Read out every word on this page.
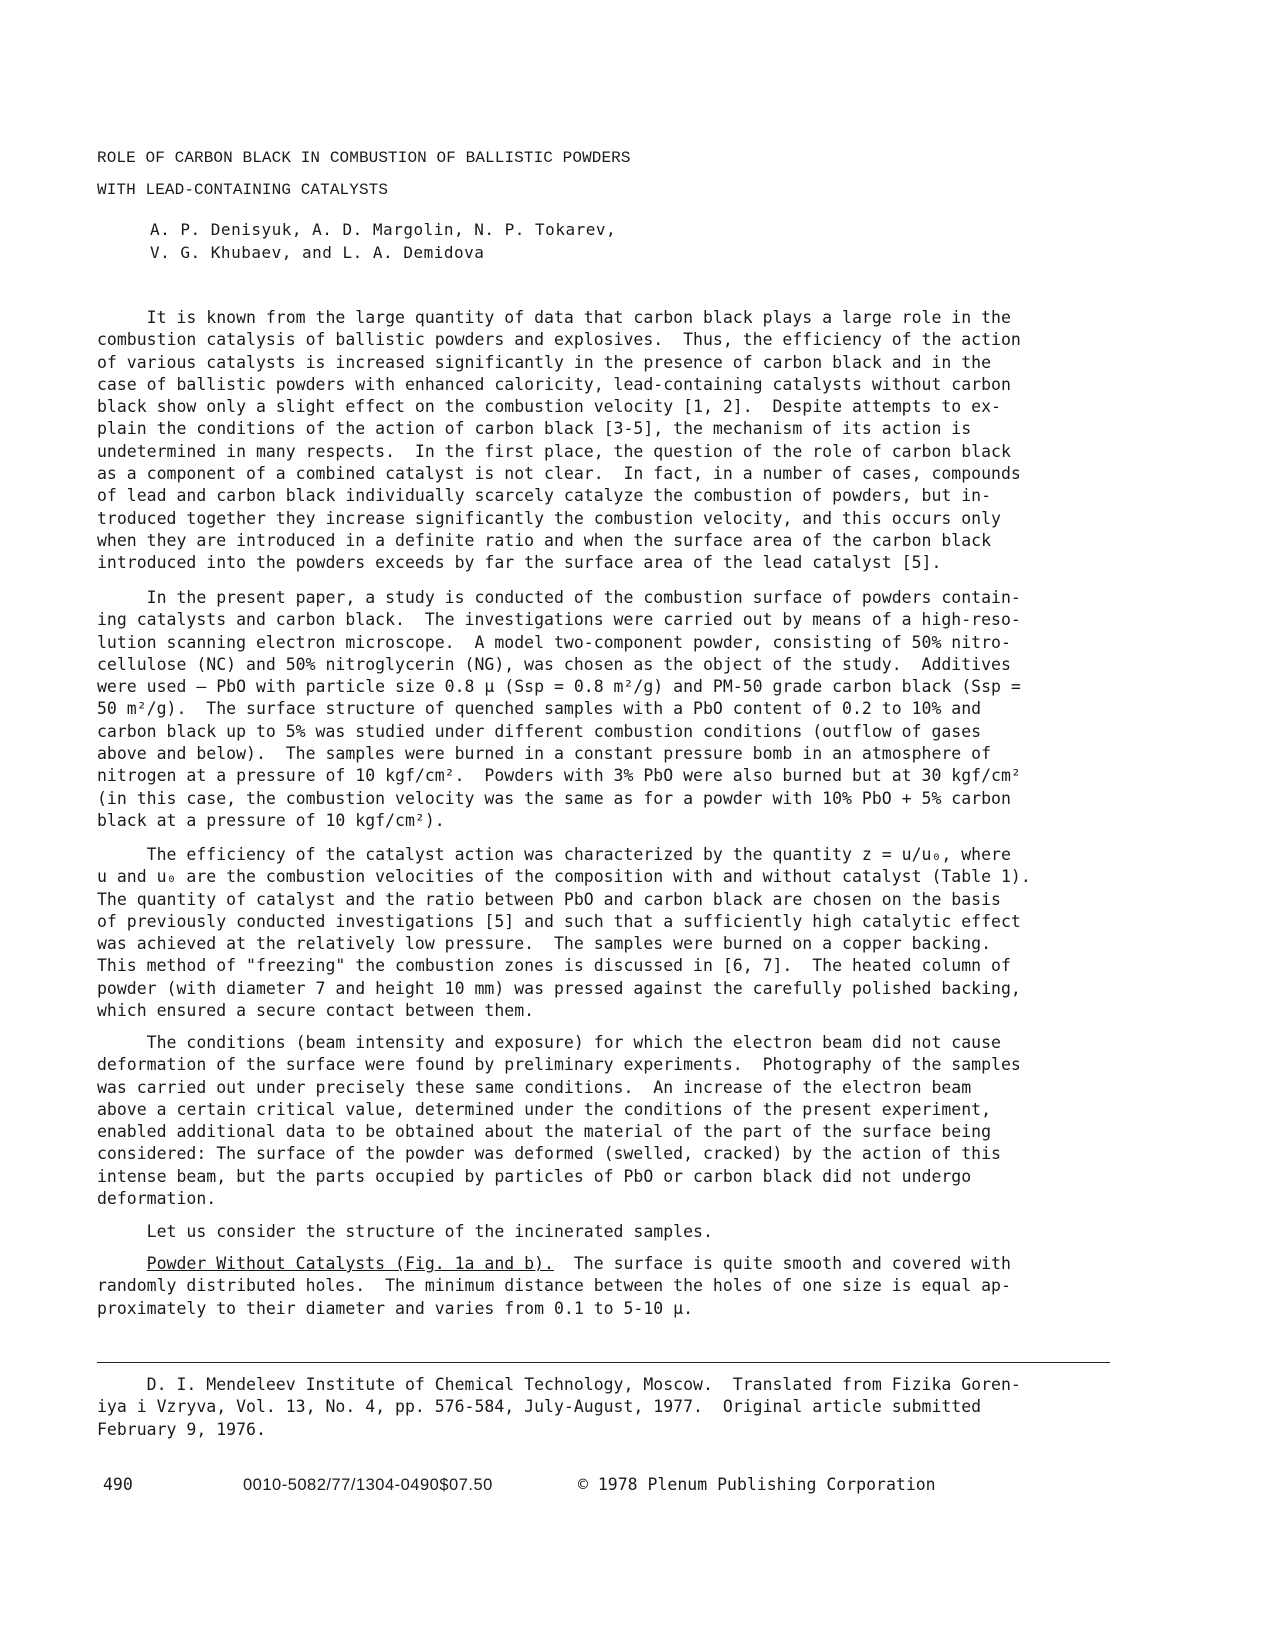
ROLE OF CARBON BLACK IN COMBUSTION OF BALLISTIC POWDERS
WITH LEAD-CONTAINING CATALYSTS
A. P. Denisyuk, A. D. Margolin, N. P. Tokarev,
V. G. Khubaev, and L. A. Demidova
It is known from the large quantity of data that carbon black plays a large role in the
combustion catalysis of ballistic powders and explosives.  Thus, the efficiency of the action
of various catalysts is increased significantly in the presence of carbon black and in the
case of ballistic powders with enhanced caloricity, lead-containing catalysts without carbon
black show only a slight effect on the combustion velocity [1, 2].  Despite attempts to ex-
plain the conditions of the action of carbon black [3-5], the mechanism of its action is
undetermined in many respects.  In the first place, the question of the role of carbon black
as a component of a combined catalyst is not clear.  In fact, in a number of cases, compounds
of lead and carbon black individually scarcely catalyze the combustion of powders, but in-
troduced together they increase significantly the combustion velocity, and this occurs only
when they are introduced in a definite ratio and when the surface area of the carbon black
introduced into the powders exceeds by far the surface area of the lead catalyst [5].
In the present paper, a study is conducted of the combustion surface of powders contain-
ing catalysts and carbon black.  The investigations were carried out by means of a high-reso-
lution scanning electron microscope.  A model two-component powder, consisting of 50% nitro-
cellulose (NC) and 50% nitroglycerin (NG), was chosen as the object of the study.  Additives
were used — PbO with particle size 0.8 μ (Ssp = 0.8 m²/g) and PM-50 grade carbon black (Ssp =
50 m²/g).  The surface structure of quenched samples with a PbO content of 0.2 to 10% and
carbon black up to 5% was studied under different combustion conditions (outflow of gases
above and below).  The samples were burned in a constant pressure bomb in an atmosphere of
nitrogen at a pressure of 10 kgf/cm².  Powders with 3% PbO were also burned but at 30 kgf/cm²
(in this case, the combustion velocity was the same as for a powder with 10% PbO + 5% carbon
black at a pressure of 10 kgf/cm²).
The efficiency of the catalyst action was characterized by the quantity z = u/u₀, where
u and u₀ are the combustion velocities of the composition with and without catalyst (Table 1).
The quantity of catalyst and the ratio between PbO and carbon black are chosen on the basis
of previously conducted investigations [5] and such that a sufficiently high catalytic effect
was achieved at the relatively low pressure.  The samples were burned on a copper backing.
This method of "freezing" the combustion zones is discussed in [6, 7].  The heated column of
powder (with diameter 7 and height 10 mm) was pressed against the carefully polished backing,
which ensured a secure contact between them.
The conditions (beam intensity and exposure) for which the electron beam did not cause
deformation of the surface were found by preliminary experiments.  Photography of the samples
was carried out under precisely these same conditions.  An increase of the electron beam
above a certain critical value, determined under the conditions of the present experiment,
enabled additional data to be obtained about the material of the part of the surface being
considered: The surface of the powder was deformed (swelled, cracked) by the action of this
intense beam, but the parts occupied by particles of PbO or carbon black did not undergo
deformation.
Let us consider the structure of the incinerated samples.
Powder Without Catalysts (Fig. 1a and b).  The surface is quite smooth and covered with
randomly distributed holes.  The minimum distance between the holes of one size is equal ap-
proximately to their diameter and varies from 0.1 to 5-10 μ.
D. I. Mendeleev Institute of Chemical Technology, Moscow.  Translated from Fizika Goren-
iya i Vzryva, Vol. 13, No. 4, pp. 576-584, July-August, 1977.  Original article submitted
February 9, 1976.
490	0010-5082/77/1304-0490$07.50	© 1978 Plenum Publishing Corporation
